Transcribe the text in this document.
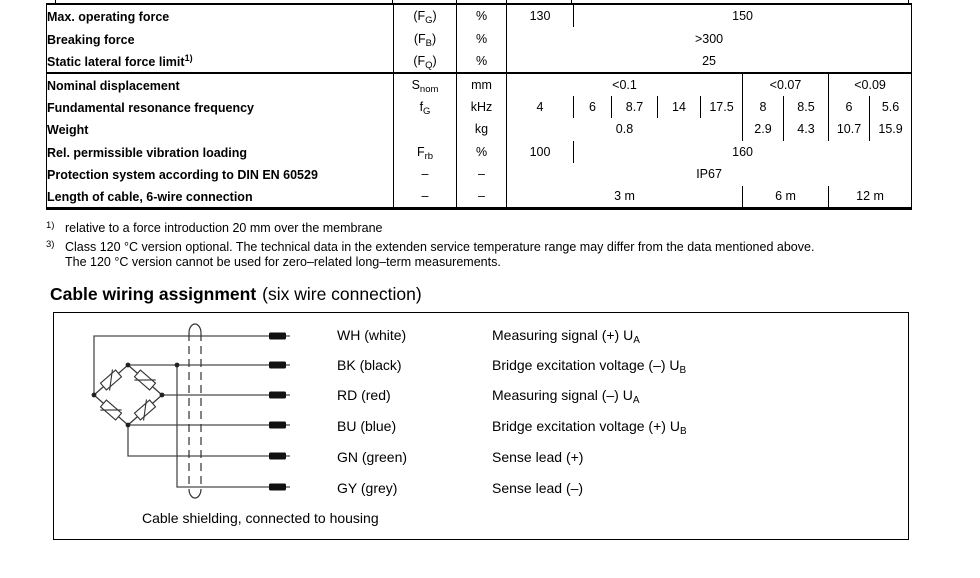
Max. operating force	$(F_G)$	%	130	150							
Breaking force	$(F_B)$	%	>300								
Static lateral force limit$^{1)}$	$(F_Q)$	%	25								
Nominal displacement	$S_{nom}$	mm	<0.1					<0.07		<0.09	
Fundamental resonance frequency	$f_G$	kHz	4	6	8.7	14	17.5	8	8.5	6	5.6
Weight		kg	0.8					2.9	4.3	10.7	15.9
Rel. permissible vibration loading	$F_{rb}$	%	100	160							
Protection system according to DIN EN 60529	–	–	IP67								
Length of cable, 6-wire connection	–	–	3 m					6 m		12 m	
$^{1)}$ relative to a force introduction 20 mm over the membrane
$^{3)}$ Class 120 °C version optional. The technical data in the extenden service temperature range may differ from the data mentioned above.
The 120 °C version cannot be used for zero–related long–term measurements.
Cable wiring assignment (six wire connection)
WH (white)	Measuring signal (+) $U_A$
BK (black)	Bridge excitation voltage (–) $U_B$
RD (red)	Measuring signal (–) $U_A$
BU (blue)	Bridge excitation voltage (+) $U_B$
GN (green)	Sense lead (+)
GY (grey)	Sense lead (–)
Cable shielding, connected to housing
